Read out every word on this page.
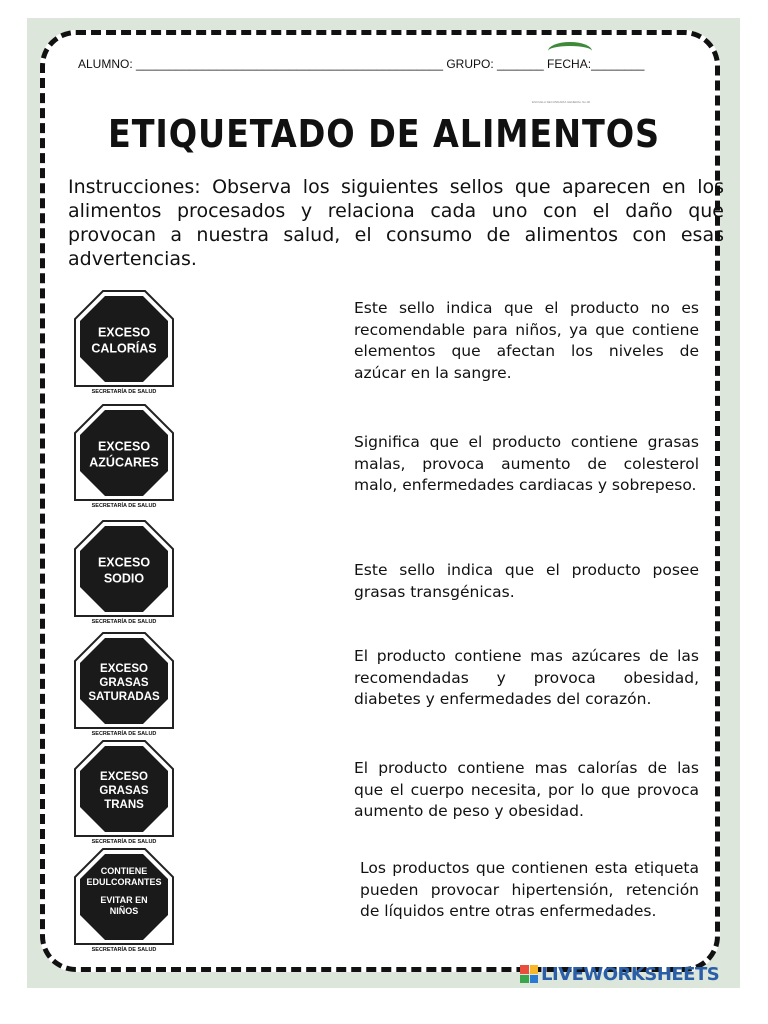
ALUMNO: ______________________________________________ GRUPO: _______ FECHA:________
ESCUELA SECUNDARIA GENERAL No.00
ETIQUETADO DE ALIMENTOS
Instrucciones: Observa los siguientes sellos que aparecen en los alimentos procesados y relaciona cada uno con el daño que provocan a nuestra salud, el consumo de alimentos con esas advertencias.
EXCESO
CALORÍAS
SECRETARÍA DE SALUD
EXCESO
AZÚCARES
SECRETARÍA DE SALUD
EXCESO
SODIO
SECRETARÍA DE SALUD
EXCESO
GRASAS
SATURADAS
SECRETARÍA DE SALUD
EXCESO
GRASAS
TRANS
SECRETARÍA DE SALUD
CONTIENE
EDULCORANTES
EVITAR EN
NIÑOS
SECRETARÍA DE SALUD
Este sello indica que el producto no es recomendable para niños, ya que contiene elementos que afectan los niveles de azúcar en la sangre.
Significa que el producto contiene grasas malas, provoca aumento de colesterol malo, enfermedades cardiacas y sobrepeso.
Este sello indica que el producto posee grasas transgénicas.
El producto contiene mas azúcares de las recomendadas y provoca obesidad, diabetes y enfermedades del corazón.
El producto contiene mas calorías de las que el cuerpo necesita, por lo que provoca aumento de peso y obesidad.
Los productos que contienen esta etiqueta pueden provocar hipertensión, retención de líquidos entre otras enfermedades.
LIVEWORKSHEETS
